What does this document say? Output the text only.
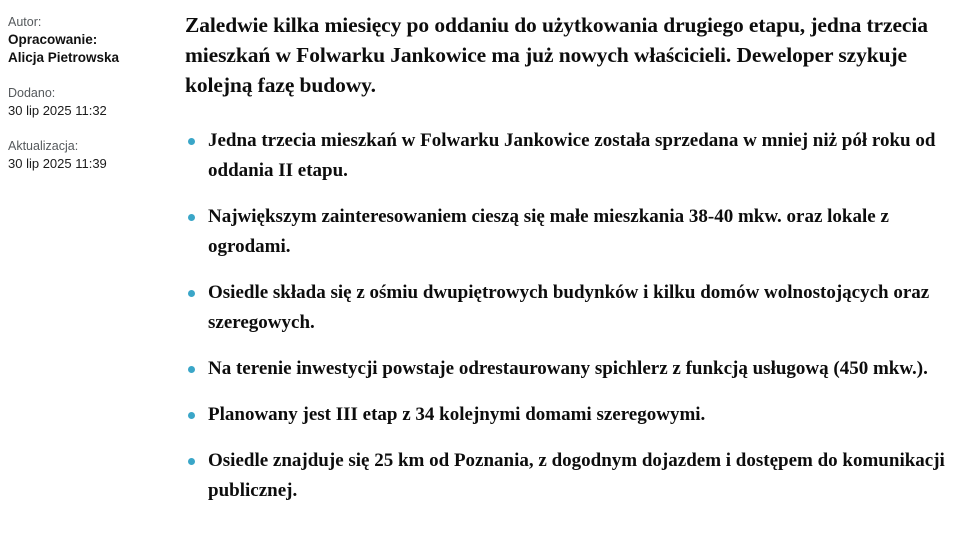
Autor:
Opracowanie:
Alicja Pietrowska
Dodano:
30 lip 2025 11:32
Aktualizacja:
30 lip 2025 11:39

Zaledwie kilka miesięcy po oddaniu do użytkowania drugiego etapu, jedna trzecia mieszkań w Folwarku Jankowice ma już nowych właścicieli. Deweloper szykuje kolejną fazę budowy.

Jedna trzecia mieszkań w Folwarku Jankowice została sprzedana w mniej niż pół roku od oddania II etapu.
Największym zainteresowaniem cieszą się małe mieszkania 38-40 mkw. oraz lokale z ogrodami.
Osiedle składa się z ośmiu dwupiętrowych budynków i kilku domów wolnostojących oraz szeregowych.
Na terenie inwestycji powstaje odrestaurowany spichlerz z funkcją usługową (450 mkw.).
Planowany jest III etap z 34 kolejnymi domami szeregowymi.
Osiedle znajduje się 25 km od Poznania, z dogodnym dojazdem i dostępem do komunikacji publicznej.
